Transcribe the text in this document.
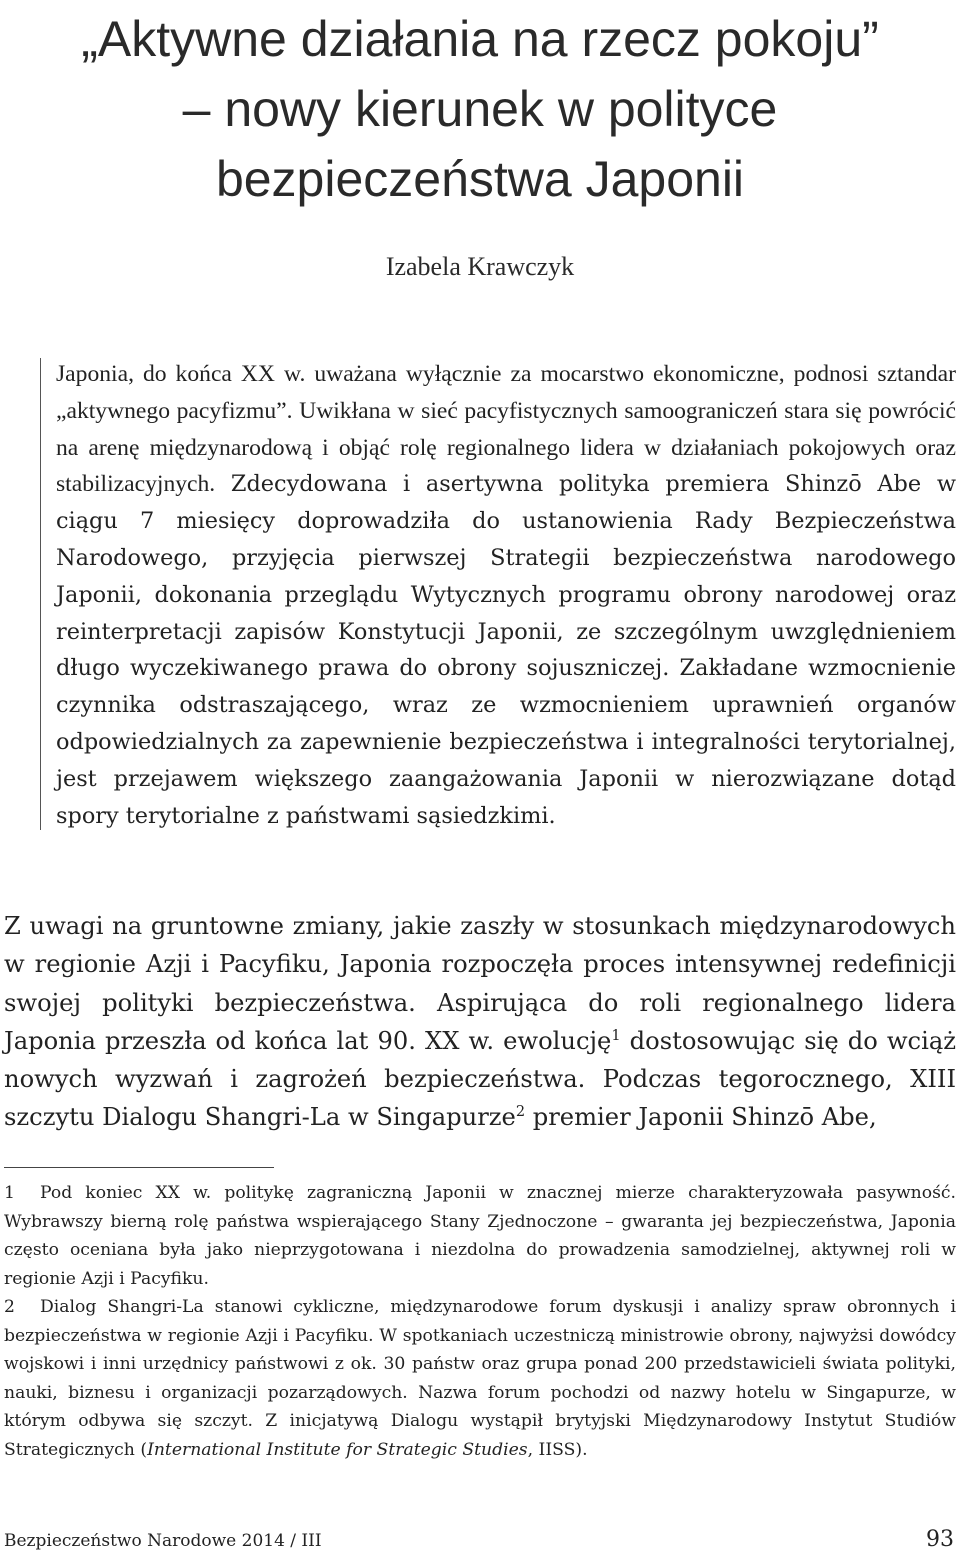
„Aktywne działania na rzecz pokoju”
– nowy kierunek w polityce
bezpieczeństwa Japonii
Izabela Krawczyk

Japonia, do końca XX w. uważana wyłącznie za mocarstwo ekonomiczne, podnosi sztandar „aktywnego pacyfizmu”. Uwikłana w sieć pacyfistycznych samoograniczeń stara się powrócić na arenę międzynarodową i objąć rolę regionalnego lidera w działaniach pokojowych oraz stabilizacyjnych. Zdecydowana i asertywna polityka premiera Shinzō Abe w ciągu 7 miesięcy doprowadziła do ustanowienia Rady Bezpieczeństwa Narodowego, przyjęcia pierwszej Strategii bezpieczeństwa narodowego Japonii, dokonania przeglądu Wytycznych programu obrony narodowej oraz reinterpretacji zapisów Konstytucji Japonii, ze szczególnym uwzględnieniem długo wyczekiwanego prawa do obrony sojuszniczej. Zakładane wzmocnienie czynnika odstraszającego, wraz ze wzmocnieniem uprawnień organów odpowiedzialnych za zapewnienie bezpieczeństwa i integralności terytorialnej, jest przejawem większego zaangażowania Japonii w nierozwiązane dotąd spory terytorialne z państwami sąsiedzkimi.

Z uwagi na gruntowne zmiany, jakie zaszły w stosunkach międzynarodowych w regionie Azji i Pacyfiku, Japonia rozpoczęła proces intensywnej redefinicji swojej polityki bezpieczeństwa. Aspirująca do roli regionalnego lidera Japonia przeszła od końca lat 90. XX w. ewolucję$^1$ dostosowując się do wciąż nowych wyzwań i zagrożeń bezpieczeństwa. Podczas tegorocznego, XIII szczytu Dialogu Shangri-La w Singapurze$^2$ premier Japonii Shinzō Abe,

1 Pod koniec XX w. politykę zagraniczną Japonii w znacznej mierze charakteryzowała pasywność. Wybrawszy bierną rolę państwa wspierającego Stany Zjednoczone – gwaranta jej bezpieczeństwa, Japonia często oceniana była jako nieprzygotowana i niezdolna do prowadzenia samodzielnej, aktywnej roli w regionie Azji i Pacyfiku.

2 Dialog Shangri-La stanowi cykliczne, międzynarodowe forum dyskusji i analizy spraw obronnych i bezpieczeństwa w regionie Azji i Pacyfiku. W spotkaniach uczestniczą ministrowie obrony, najwyżsi dowódcy wojskowi i inni urzędnicy państwowi z ok. 30 państw oraz grupa ponad 200 przedstawicieli świata polityki, nauki, biznesu i organizacji pozarządowych. Nazwa forum pochodzi od nazwy hotelu w Singapurze, w którym odbywa się szczyt. Z inicjatywą Dialogu wystąpił brytyjski Międzynarodowy Instytut Studiów Strategicznych (International Institute for Strategic Studies, IISS).

Bezpieczeństwo Narodowe 2014 / III	93
